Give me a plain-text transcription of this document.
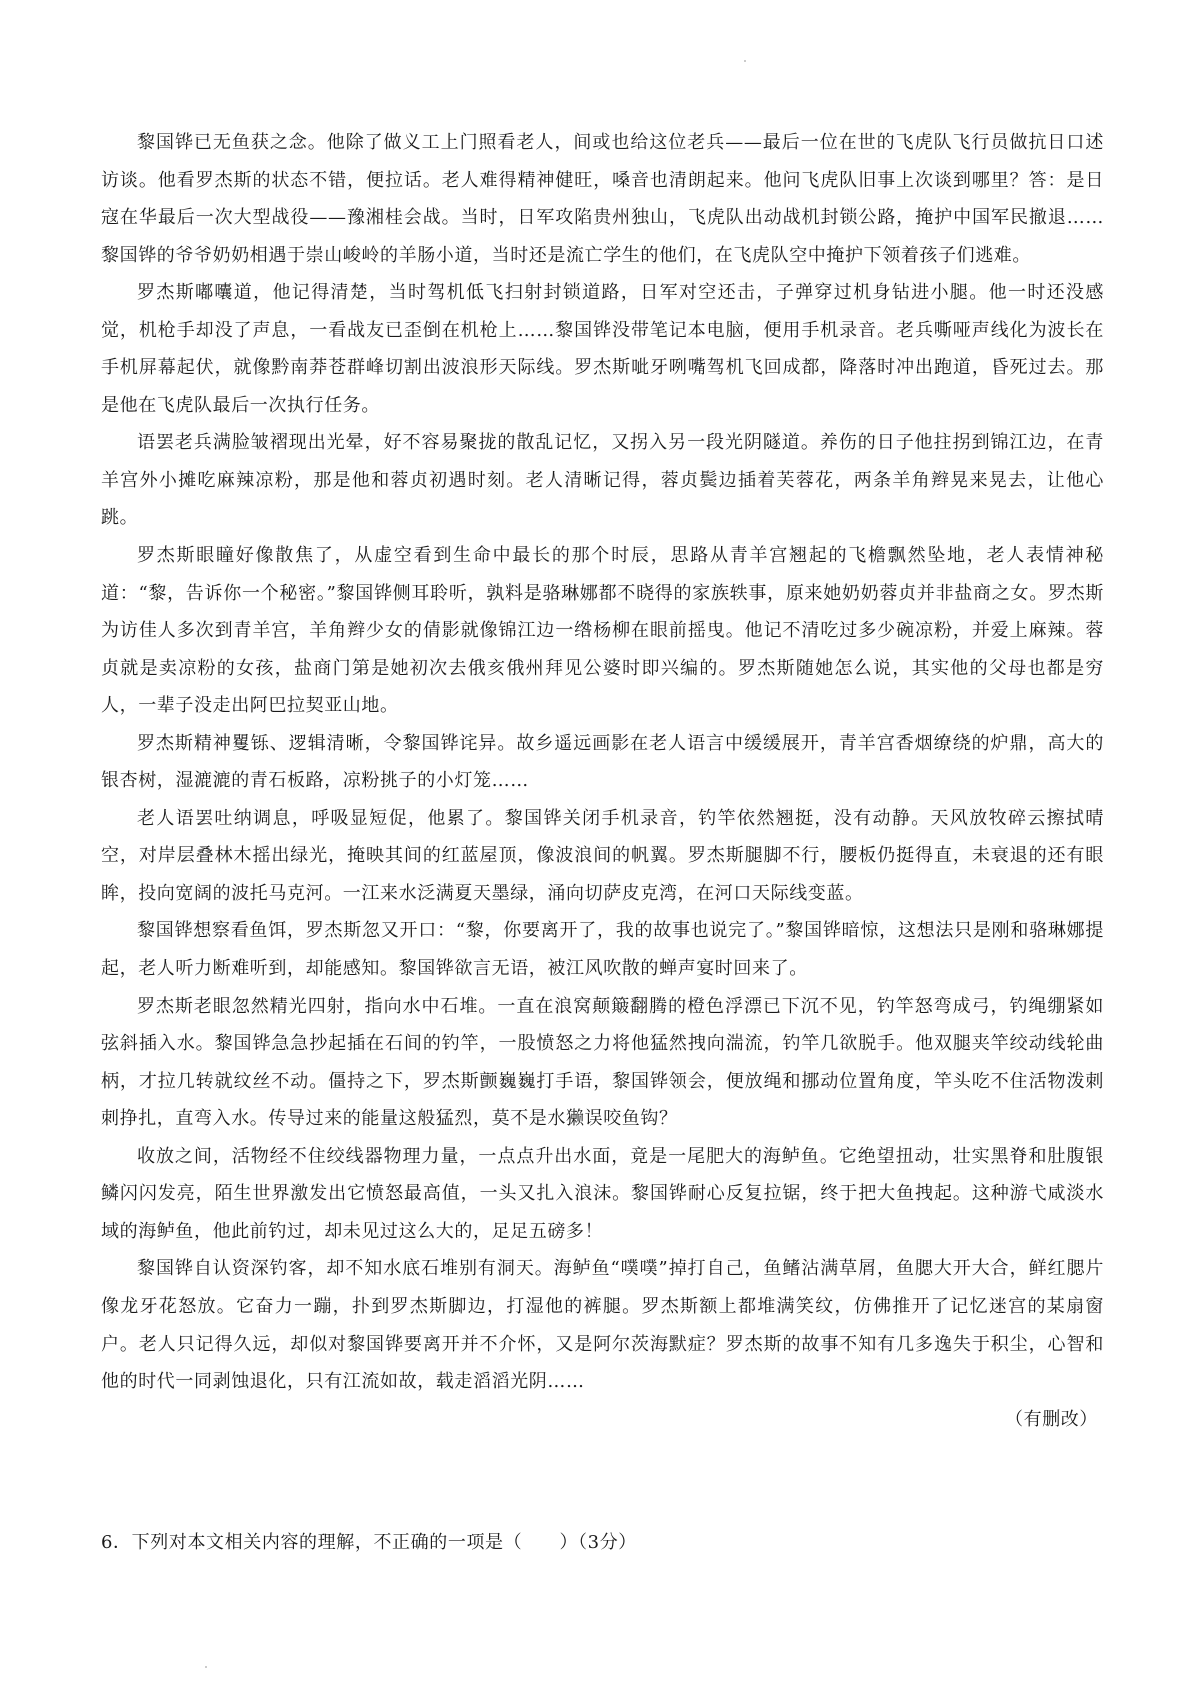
黎国铧已无鱼获之念。他除了做义工上门照看老人，间或也给这位老兵——最后一位在世的飞虎队飞行员做抗日口述访谈。他看罗杰斯的状态不错，便拉话。老人难得精神健旺，嗓音也清朗起来。他问飞虎队旧事上次谈到哪里？答：是日寇在华最后一次大型战役——豫湘桂会战。当时，日军攻陷贵州独山，飞虎队出动战机封锁公路，掩护中国军民撤退……黎国铧的爷爷奶奶相遇于崇山峻岭的羊肠小道，当时还是流亡学生的他们，在飞虎队空中掩护下领着孩子们逃难。

罗杰斯嘟囔道，他记得清楚，当时驾机低飞扫射封锁道路，日军对空还击，子弹穿过机身钻进小腿。他一时还没感觉，机枪手却没了声息，一看战友已歪倒在机枪上……黎国铧没带笔记本电脑，便用手机录音。老兵嘶哑声线化为波长在手机屏幕起伏，就像黔南莽苍群峰切割出波浪形天际线。罗杰斯呲牙咧嘴驾机飞回成都，降落时冲出跑道，昏死过去。那是他在飞虎队最后一次执行任务。

语罢老兵满脸皱褶现出光晕，好不容易聚拢的散乱记忆，又拐入另一段光阴隧道。养伤的日子他拄拐到锦江边，在青羊宫外小摊吃麻辣凉粉，那是他和蓉贞初遇时刻。老人清晰记得，蓉贞鬓边插着芙蓉花，两条羊角辫晃来晃去，让他心跳。

罗杰斯眼瞳好像散焦了，从虚空看到生命中最长的那个时辰，思路从青羊宫翘起的飞檐飘然坠地，老人表情神秘道：“黎，告诉你一个秘密。”黎国铧侧耳聆听，孰料是骆琳娜都不晓得的家族轶事，原来她奶奶蓉贞并非盐商之女。罗杰斯为访佳人多次到青羊宫，羊角辫少女的倩影就像锦江边一绺杨柳在眼前摇曳。他记不清吃过多少碗凉粉，并爱上麻辣。蓉贞就是卖凉粉的女孩，盐商门第是她初次去俄亥俄州拜见公婆时即兴编的。罗杰斯随她怎么说，其实他的父母也都是穷人，一辈子没走出阿巴拉契亚山地。

罗杰斯精神矍铄、逻辑清晰，令黎国铧诧异。故乡遥远画影在老人语言中缓缓展开，青羊宫香烟缭绕的炉鼎，高大的银杏树，湿漉漉的青石板路，凉粉挑子的小灯笼……

老人语罢吐纳调息，呼吸显短促，他累了。黎国铧关闭手机录音，钓竿依然翘挺，没有动静。天风放牧碎云擦拭晴空，对岸层叠林木摇出绿光，掩映其间的红蓝屋顶，像波浪间的帆翼。罗杰斯腿脚不行，腰板仍挺得直，未衰退的还有眼眸，投向宽阔的波托马克河。一江来水泛满夏天墨绿，涌向切萨皮克湾，在河口天际线变蓝。

黎国铧想察看鱼饵，罗杰斯忽又开口：“黎，你要离开了，我的故事也说完了。”黎国铧暗惊，这想法只是刚和骆琳娜提起，老人听力断难听到，却能感知。黎国铧欲言无语，被江风吹散的蝉声宴时回来了。

罗杰斯老眼忽然精光四射，指向水中石堆。一直在浪窝颠簸翻腾的橙色浮漂已下沉不见，钓竿怒弯成弓，钓绳绷紧如弦斜插入水。黎国铧急急抄起插在石间的钓竿，一股愤怒之力将他猛然拽向湍流，钓竿几欲脱手。他双腿夹竿绞动线轮曲柄，才拉几转就纹丝不动。僵持之下，罗杰斯颤巍巍打手语，黎国铧领会，便放绳和挪动位置角度，竿头吃不住活物泼刺刺挣扎，直弯入水。传导过来的能量这般猛烈，莫不是水獭误咬鱼钩？

收放之间，活物经不住绞线器物理力量，一点点升出水面，竟是一尾肥大的海鲈鱼。它绝望扭动，壮实黑脊和肚腹银鳞闪闪发亮，陌生世界激发出它愤怒最高值，一头又扎入浪沫。黎国铧耐心反复拉锯，终于把大鱼拽起。这种游弋咸淡水域的海鲈鱼，他此前钓过，却未见过这么大的，足足五磅多！

黎国铧自认资深钓客，却不知水底石堆别有洞天。海鲈鱼“噗噗”掉打自己，鱼鳍沾满草屑，鱼腮大开大合，鲜红腮片像龙牙花怒放。它奋力一蹦，扑到罗杰斯脚边，打湿他的裤腿。罗杰斯额上都堆满笑纹，仿佛推开了记忆迷宫的某扇窗户。老人只记得久远，却似对黎国铧要离开并不介怀，又是阿尔茨海默症？罗杰斯的故事不知有几多逸失于积尘，心智和他的时代一同剥蚀退化，只有江流如故，载走滔滔光阴……

（有删改）

6．下列对本文相关内容的理解，不正确的一项是（　　）（3分）
